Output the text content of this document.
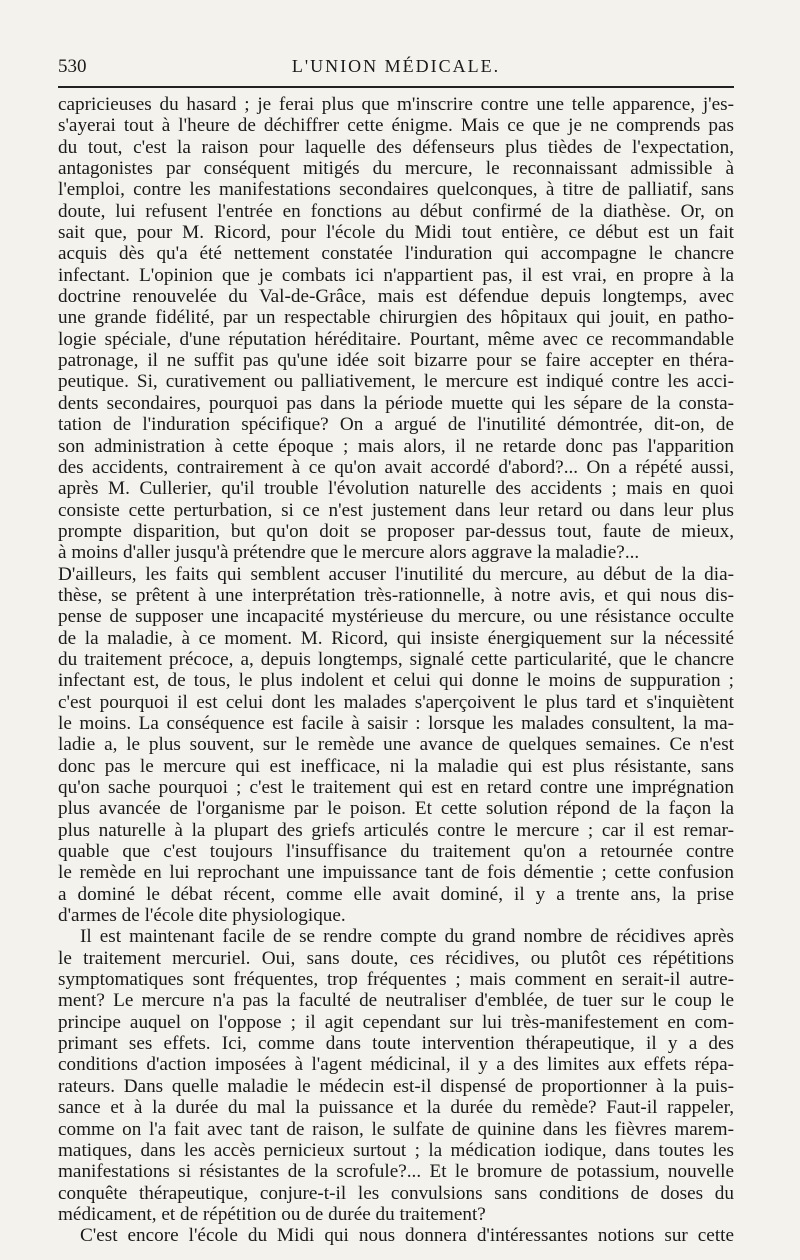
530	L'UNION MÉDICALE.
capricieuses du hasard ; je ferai plus que m'inscrire contre une telle apparence, j'es-
s'ayerai tout à l'heure de déchiffrer cette énigme. Mais ce que je ne comprends pas
du tout, c'est la raison pour laquelle des défenseurs plus tièdes de l'expectation,
antagonistes par conséquent mitigés du mercure, le reconnaissant admissible à
l'emploi, contre les manifestations secondaires quelconques, à titre de palliatif, sans
doute, lui refusent l'entrée en fonctions au début confirmé de la diathèse. Or, on
sait que, pour M. Ricord, pour l'école du Midi tout entière, ce début est un fait
acquis dès qu'a été nettement constatée l'induration qui accompagne le chancre
infectant. L'opinion que je combats ici n'appartient pas, il est vrai, en propre à la
doctrine renouvelée du Val-de-Grâce, mais est défendue depuis longtemps, avec
une grande fidélité, par un respectable chirurgien des hôpitaux qui jouit, en patho-
logie spéciale, d'une réputation héréditaire. Pourtant, même avec ce recommandable
patronage, il ne suffit pas qu'une idée soit bizarre pour se faire accepter en théra-
peutique. Si, curativement ou palliativement, le mercure est indiqué contre les acci-
dents secondaires, pourquoi pas dans la période muette qui les sépare de la consta-
tation de l'induration spécifique? On a argué de l'inutilité démontrée, dit-on, de
son administration à cette époque ; mais alors, il ne retarde donc pas l'apparition
des accidents, contrairement à ce qu'on avait accordé d'abord?... On a répété aussi,
après M. Cullerier, qu'il trouble l'évolution naturelle des accidents ; mais en quoi
consiste cette perturbation, si ce n'est justement dans leur retard ou dans leur plus
prompte disparition, but qu'on doit se proposer par-dessus tout, faute de mieux,
à moins d'aller jusqu'à prétendre que le mercure alors aggrave la maladie?...
D'ailleurs, les faits qui semblent accuser l'inutilité du mercure, au début de la dia-
thèse, se prêtent à une interprétation très-rationnelle, à notre avis, et qui nous dis-
pense de supposer une incapacité mystérieuse du mercure, ou une résistance occulte
de la maladie, à ce moment. M. Ricord, qui insiste énergiquement sur la nécessité
du traitement précoce, a, depuis longtemps, signalé cette particularité, que le chancre
infectant est, de tous, le plus indolent et celui qui donne le moins de suppuration ;
c'est pourquoi il est celui dont les malades s'aperçoivent le plus tard et s'inquiètent
le moins. La conséquence est facile à saisir : lorsque les malades consultent, la ma-
ladie a, le plus souvent, sur le remède une avance de quelques semaines. Ce n'est
donc pas le mercure qui est inefficace, ni la maladie qui est plus résistante, sans
qu'on sache pourquoi ; c'est le traitement qui est en retard contre une imprégnation
plus avancée de l'organisme par le poison. Et cette solution répond de la façon la
plus naturelle à la plupart des griefs articulés contre le mercure ; car il est remar-
quable que c'est toujours l'insuffisance du traitement qu'on a retournée contre
le remède en lui reprochant une impuissance tant de fois démentie ; cette confusion
a dominé le débat récent, comme elle avait dominé, il y a trente ans, la prise
d'armes de l'école dite physiologique.
Il est maintenant facile de se rendre compte du grand nombre de récidives après
le traitement mercuriel. Oui, sans doute, ces récidives, ou plutôt ces répétitions
symptomatiques sont fréquentes, trop fréquentes ; mais comment en serait-il autre-
ment? Le mercure n'a pas la faculté de neutraliser d'emblée, de tuer sur le coup le
principe auquel on l'oppose ; il agit cependant sur lui très-manifestement en com-
primant ses effets. Ici, comme dans toute intervention thérapeutique, il y a des
conditions d'action imposées à l'agent médicinal, il y a des limites aux effets répa-
rateurs. Dans quelle maladie le médecin est-il dispensé de proportionner à la puis-
sance et à la durée du mal la puissance et la durée du remède? Faut-il rappeler,
comme on l'a fait avec tant de raison, le sulfate de quinine dans les fièvres marem-
matiques, dans les accès pernicieux surtout ; la médication iodique, dans toutes les
manifestations si résistantes de la scrofule?... Et le bromure de potassium, nouvelle
conquête thérapeutique, conjure-t-il les convulsions sans conditions de doses du
médicament, et de répétition ou de durée du traitement?
C'est encore l'école du Midi qui nous donnera d'intéressantes notions sur cette
